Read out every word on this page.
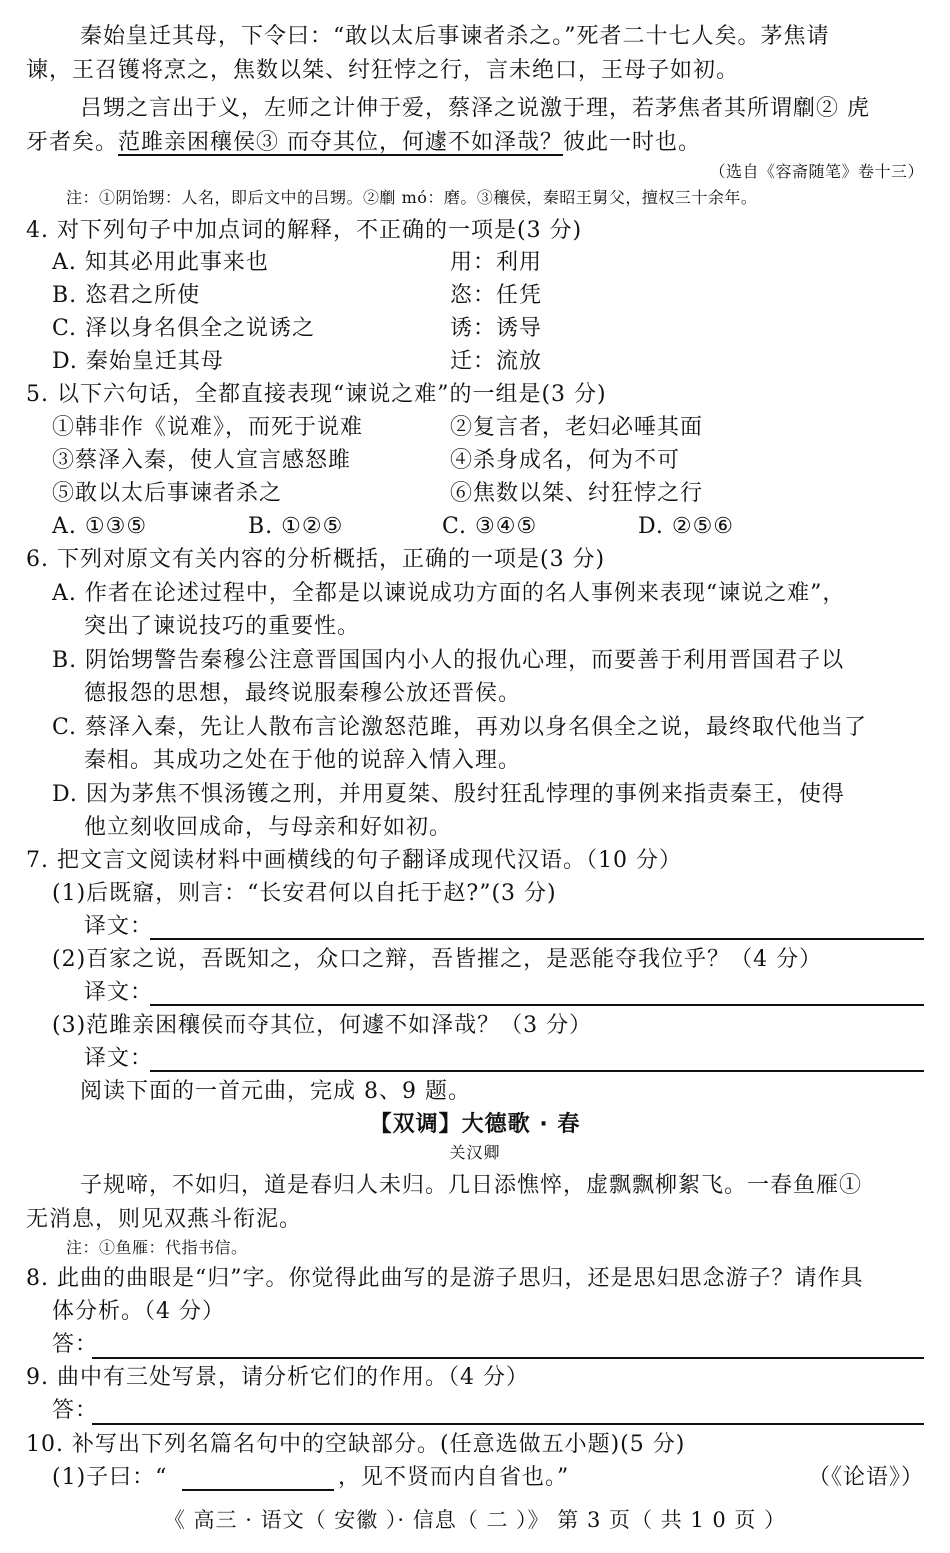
秦始皇迁其母，下令曰：“敢以太后事谏者杀之。”死者二十七人矣。茅焦请
谏，王召镬将烹之，焦数以桀、纣狂悖之行，言未绝口，王母子如初。
吕甥之言出于义，左师之计伸于爱，蔡泽之说激于理，若茅焦者其所谓劘② 虎
牙者矣。范雎亲困穰侯③ 而夺其位，何遽不如泽哉？彼此一时也。
（选自《容斋随笔》卷十三）
注：①阴饴甥：人名，即后文中的吕甥。②劘 mó：磨。③穰侯，秦昭王舅父，擅权三十余年。
4. 对下列句子中加点词的解释，不正确的一项是(3 分)
A. 知其必用此事来也	用：利用
B. 恣君之所使	恣：任凭
C. 泽以身名俱全之说诱之	诱：诱导
D. 秦始皇迁其母	迁：流放
5. 以下六句话，全都直接表现“谏说之难”的一组是(3 分)
①韩非作《说难》，而死于说难	②复言者，老妇必唾其面
③蔡泽入秦，使人宣言感怒雎	④杀身成名，何为不可
⑤敢以太后事谏者杀之	⑥焦数以桀、纣狂悖之行
A. ①③⑤	B. ①②⑤	C. ③④⑤	D. ②⑤⑥
6. 下列对原文有关内容的分析概括，正确的一项是(3 分)
A. 作者在论述过程中，全都是以谏说成功方面的名人事例来表现“谏说之难”，
突出了谏说技巧的重要性。
B. 阴饴甥警告秦穆公注意晋国国内小人的报仇心理，而要善于利用晋国君子以
德报怨的思想，最终说服秦穆公放还晋侯。
C. 蔡泽入秦，先让人散布言论激怒范雎，再劝以身名俱全之说，最终取代他当了
秦相。其成功之处在于他的说辞入情入理。
D. 因为茅焦不惧汤镬之刑，并用夏桀、殷纣狂乱悖理的事例来指责秦王，使得
他立刻收回成命，与母亲和好如初。
7. 把文言文阅读材料中画横线的句子翻译成现代汉语。（10 分）
(1)后既窹，则言：“长安君何以自托于赵?”(3 分)
译文：
(2)百家之说，吾既知之，众口之辩，吾皆摧之，是恶能夺我位乎？（4 分）
译文：
(3)范雎亲困穰侯而夺其位，何遽不如泽哉？（3 分）
译文：
阅读下面的一首元曲，完成 8、9 题。
【双调】大德歌 · 春
关汉卿
子规啼，不如归，道是春归人未归。几日添憔悴，虚飘飘柳絮飞。一春鱼雁①
无消息，则见双燕斗衔泥。
注：①鱼雁：代指书信。
8. 此曲的曲眼是“归”字。你觉得此曲写的是游子思归，还是思妇思念游子？请作具
体分析。（4 分）
答：
9. 曲中有三处写景，请分析它们的作用。（4 分）
答：
10. 补写出下列名篇名句中的空缺部分。(任意选做五小题)(5 分)
(1)子曰：“	，见不贤而内自省也。”	（《论语》）
《 高三 · 语文（ 安徽 ）· 信息（ 二 ）》 第 3 页（ 共 1 0 页 ）
